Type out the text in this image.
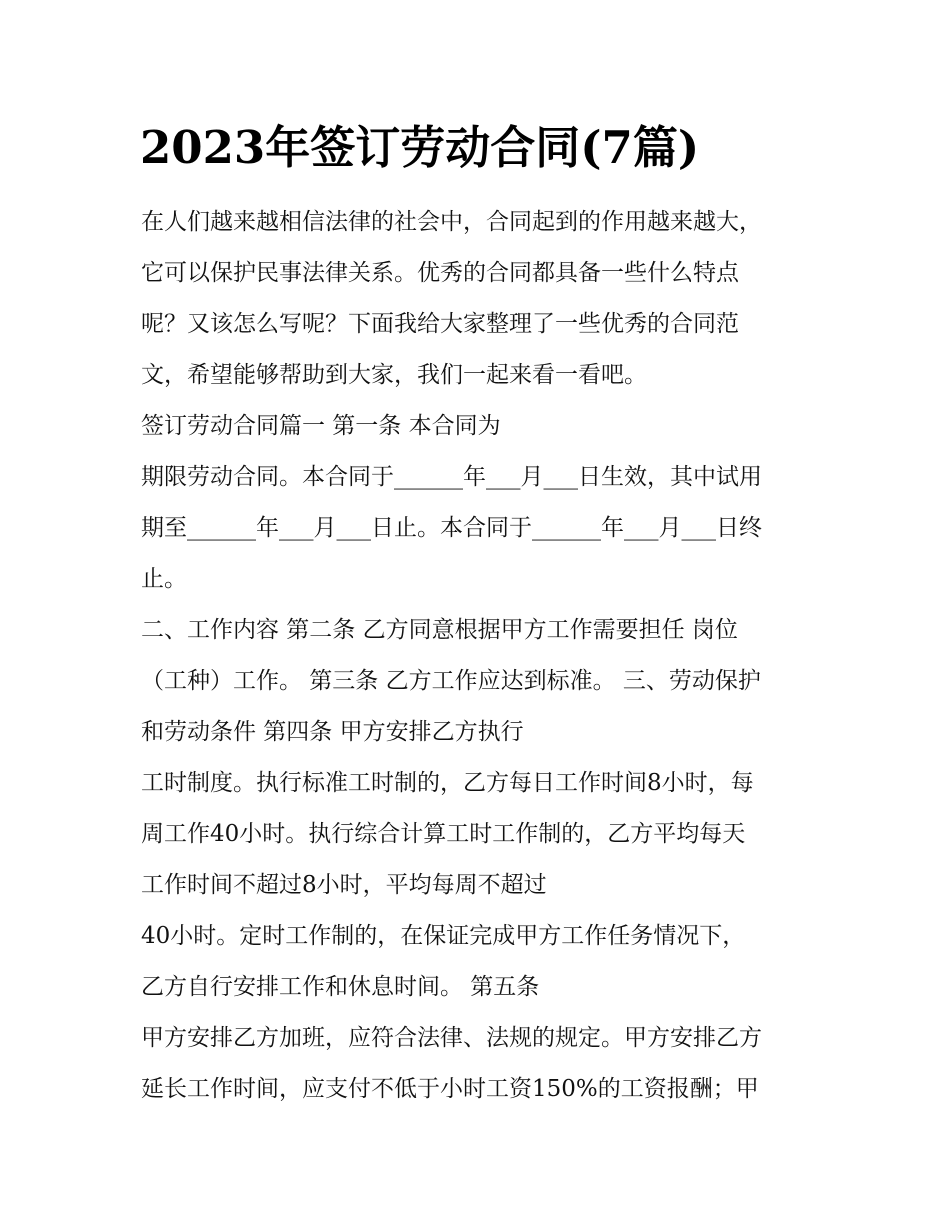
2023年签订劳动合同(7篇)

在人们越来越相信法律的社会中，合同起到的作用越来越大，

它可以保护民事法律关系。优秀的合同都具备一些什么特点

呢？又该怎么写呢？下面我给大家整理了一些优秀的合同范

文，希望能够帮助到大家，我们一起来看一看吧。

签订劳动合同篇一 第一条 本合同为

期限劳动合同。本合同于______年___月___日生效，其中试用

期至______年___月___日止。本合同于______年___月___日终

止。

二、工作内容 第二条 乙方同意根据甲方工作需要担任 岗位

（工种）工作。 第三条 乙方工作应达到标准。 三、劳动保护

和劳动条件 第四条 甲方安排乙方执行

工时制度。执行标准工时制的，乙方每日工作时间8小时，每

周工作40小时。执行综合计算工时工作制的，乙方平均每天

工作时间不超过8小时，平均每周不超过

40小时。定时工作制的，在保证完成甲方工作任务情况下，

乙方自行安排工作和休息时间。 第五条

甲方安排乙方加班，应符合法律、法规的规定。甲方安排乙方

延长工作时间，应支付不低于小时工资150%的工资报酬；甲
